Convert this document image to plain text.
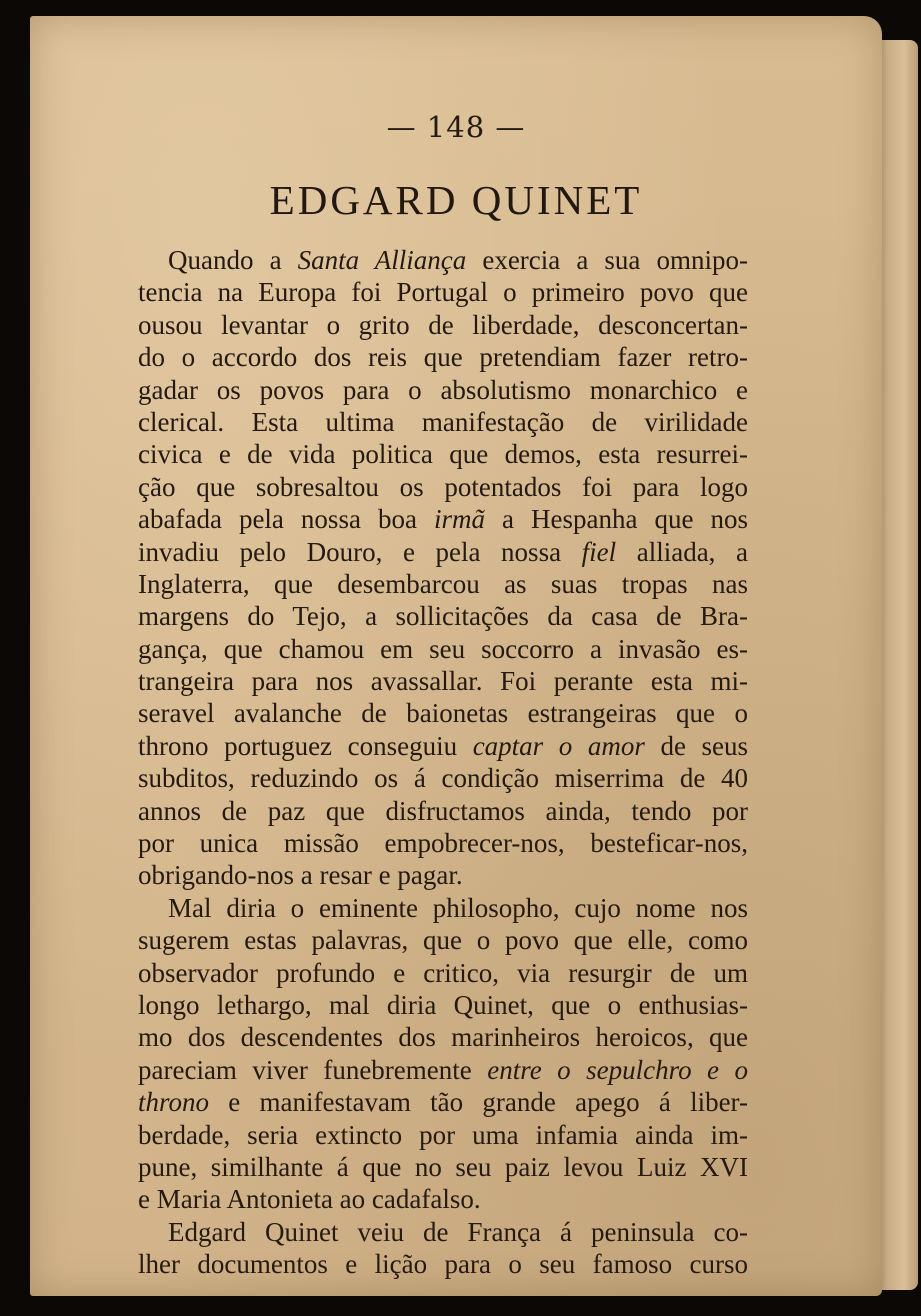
— 148 —
EDGARD QUINET
Quando a Santa Alliança exercia a sua omnipo-
tencia na Europa foi Portugal o primeiro povo que
ousou levantar o grito de liberdade, desconcertan-
do o accordo dos reis que pretendiam fazer retro-
gadar os povos para o absolutismo monarchico e
clerical. Esta ultima manifestação de virilidade
civica e de vida politica que demos, esta resurrei-
ção que sobresaltou os potentados foi para logo
abafada pela nossa boa irmã a Hespanha que nos
invadiu pelo Douro, e pela nossa fiel alliada, a
Inglaterra, que desembarcou as suas tropas nas
margens do Tejo, a sollicitações da casa de Bra-
gança, que chamou em seu soccorro a invasão es-
trangeira para nos avassallar. Foi perante esta mi-
seravel avalanche de baionetas estrangeiras que o
throno portuguez conseguiu captar o amor de seus
subditos, reduzindo os á condição miserrima de 40
annos de paz que disfructamos ainda, tendo por
por unica missão empobrecer-nos, besteficar-nos,
obrigando-nos a resar e pagar.
Mal diria o eminente philosopho, cujo nome nos
sugerem estas palavras, que o povo que elle, como
observador profundo e critico, via resurgir de um
longo lethargo, mal diria Quinet, que o enthusias-
mo dos descendentes dos marinheiros heroicos, que
pareciam viver funebremente entre o sepulchro e o
throno e manifestavam tão grande apego á liber-
berdade, seria extincto por uma infamia ainda im-
pune, similhante á que no seu paiz levou Luiz XVI
e Maria Antonieta ao cadafalso.
Edgard Quinet veiu de França á peninsula co-
lher documentos e lição para o seu famoso curso
